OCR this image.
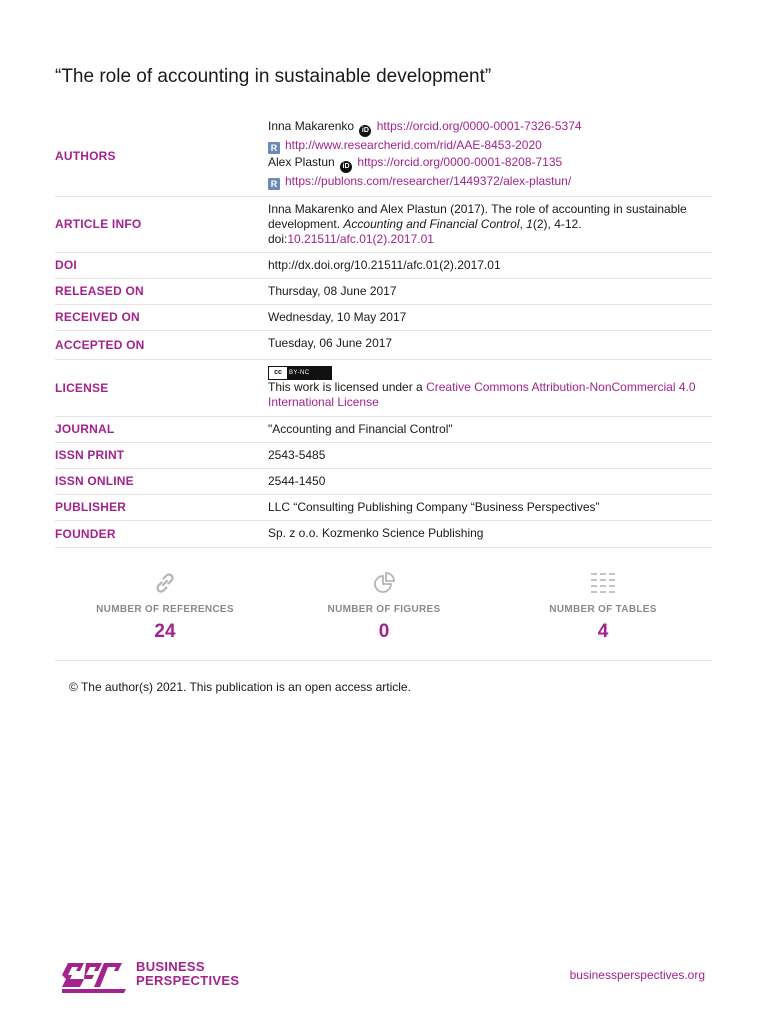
“The role of accounting in sustainable development”
AUTHORS	Inna Makarenko iD https://orcid.org/0000-0001-7326-5374
R http://www.researcherid.com/rid/AAE-8453-2020
Alex Plastun iD https://orcid.org/0000-0001-8208-7135
R https://publons.com/researcher/1449372/alex-plastun/

ARTICLE INFO	Inna Makarenko and Alex Plastun (2017). The role of accounting in sustainable development. Accounting and Financial Control, 1(2), 4-12.
doi:10.21511/afc.01(2).2017.01
DOI	http://dx.doi.org/10.21511/afc.01(2).2017.01
RELEASED ON	Thursday, 08 June 2017
RECEIVED ON	Wednesday, 10 May 2017
ACCEPTED ON	Tuesday, 06 June 2017
LICENSE	cc BY-NC

This work is licensed under a Creative Commons Attribution-NonCommercial 4.0 International License
JOURNAL	"Accounting and Financial Control"
ISSN PRINT	2543-5485
ISSN ONLINE	2544-1450
PUBLISHER	LLC “Consulting Publishing Company “Business Perspectives”
FOUNDER	Sp. z o.o. Kozmenko Science Publishing
NUMBER OF REFERENCES
24
NUMBER OF FIGURES
0
NUMBER OF TABLES
4
© The author(s) 2021. This publication is an open access article.
BUSINESS
PERSPECTIVES	businessperspectives.org
